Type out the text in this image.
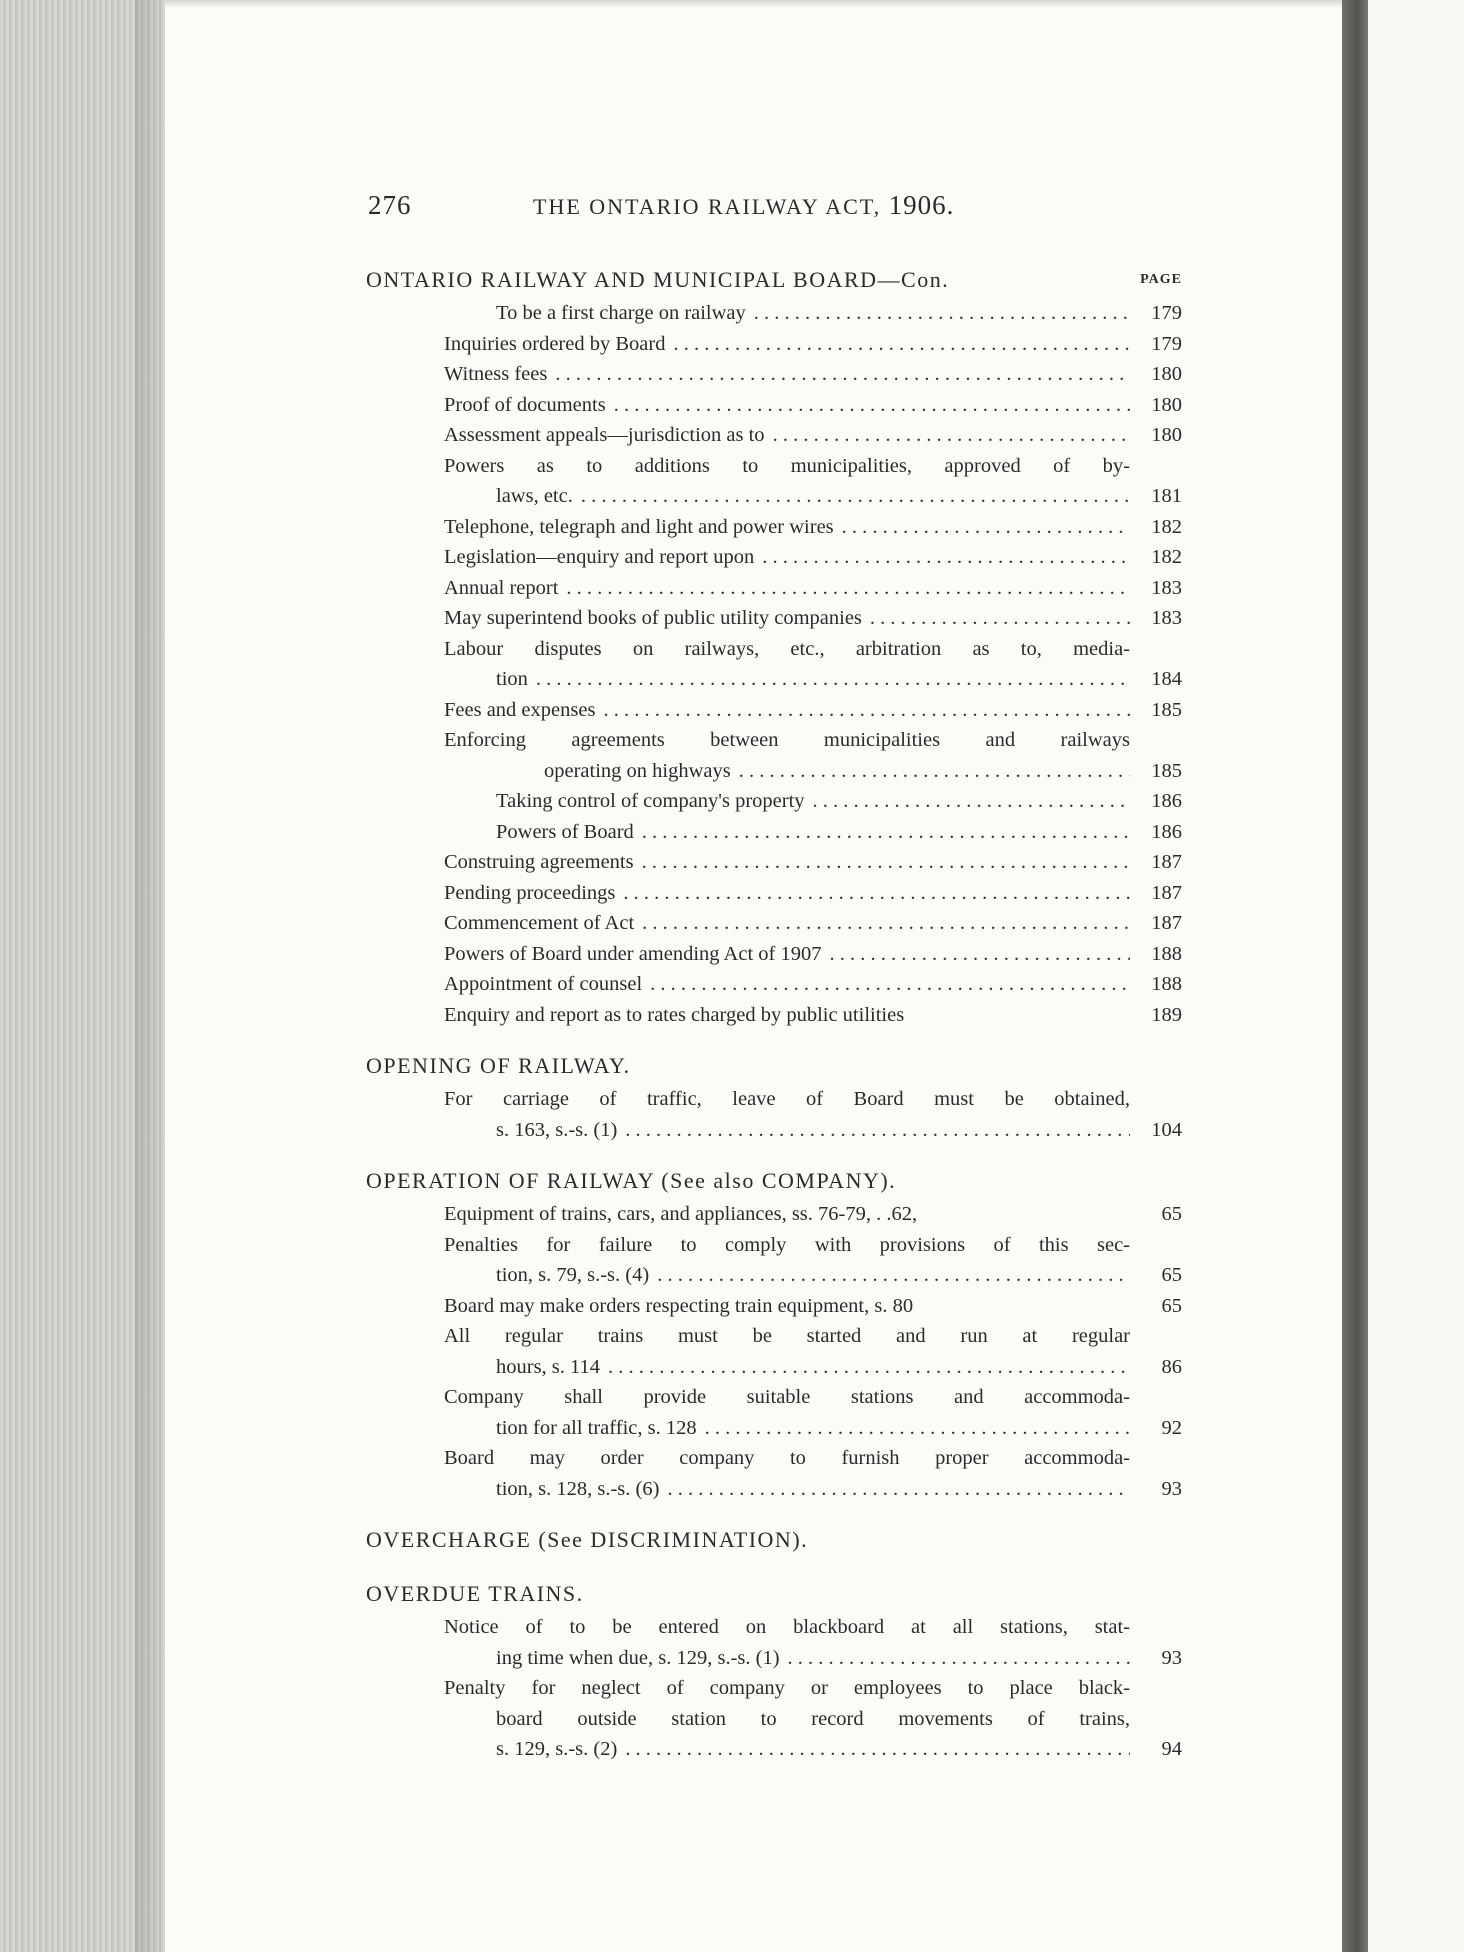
276	THE ONTARIO RAILWAY ACT, 1906.
ONTARIO RAILWAY AND MUNICIPAL BOARD—Con.	PAGE
To be a first charge on railway . . .	179
Inquiries ordered by Board . . .	179
Witness fees . . .	180
Proof of documents . . .	180
Assessment appeals—jurisdiction as to . . .	180
Powers as to additions to municipalities, approved of by-
laws, etc. . . .	181
Telephone, telegraph and light and power wires . . .	182
Legislation—enquiry and report upon . . .	182
Annual report . . .	183
May superintend books of public utility companies . . .	183
Labour disputes on railways, etc., arbitration as to, media-
tion . . .	184
Fees and expenses . . .	185
Enforcing agreements between municipalities and railways
operating on highways . . .	185
Taking control of company's property . . .	186
Powers of Board . . .	186
Construing agreements . . .	187
Pending proceedings . . .	187
Commencement of Act . . .	187
Powers of Board under amending Act of 1907 . . .	188
Appointment of counsel . . .	188
Enquiry and report as to rates charged by public utilities	189
OPENING OF RAILWAY.
For carriage of traffic, leave of Board must be obtained,
s. 163, s.-s. (1) . . .	104
OPERATION OF RAILWAY (See also COMPANY).
Equipment of trains, cars, and appliances, ss. 76-79, . .62,	65
Penalties for failure to comply with provisions of this sec-
tion, s. 79, s.-s. (4) . . .	65
Board may make orders respecting train equipment, s. 80	65
All regular trains must be started and run at regular
hours, s. 114 . . .	86
Company shall provide suitable stations and accommoda-
tion for all traffic, s. 128 . . .	92
Board may order company to furnish proper accommoda-
tion, s. 128, s.-s. (6) . . .	93
OVERCHARGE (See DISCRIMINATION).
OVERDUE TRAINS.
Notice of to be entered on blackboard at all stations, stat-
ing time when due, s. 129, s.-s. (1) . . .	93
Penalty for neglect of company or employees to place black-
board outside station to record movements of trains,
s. 129, s.-s. (2) . . .	94
